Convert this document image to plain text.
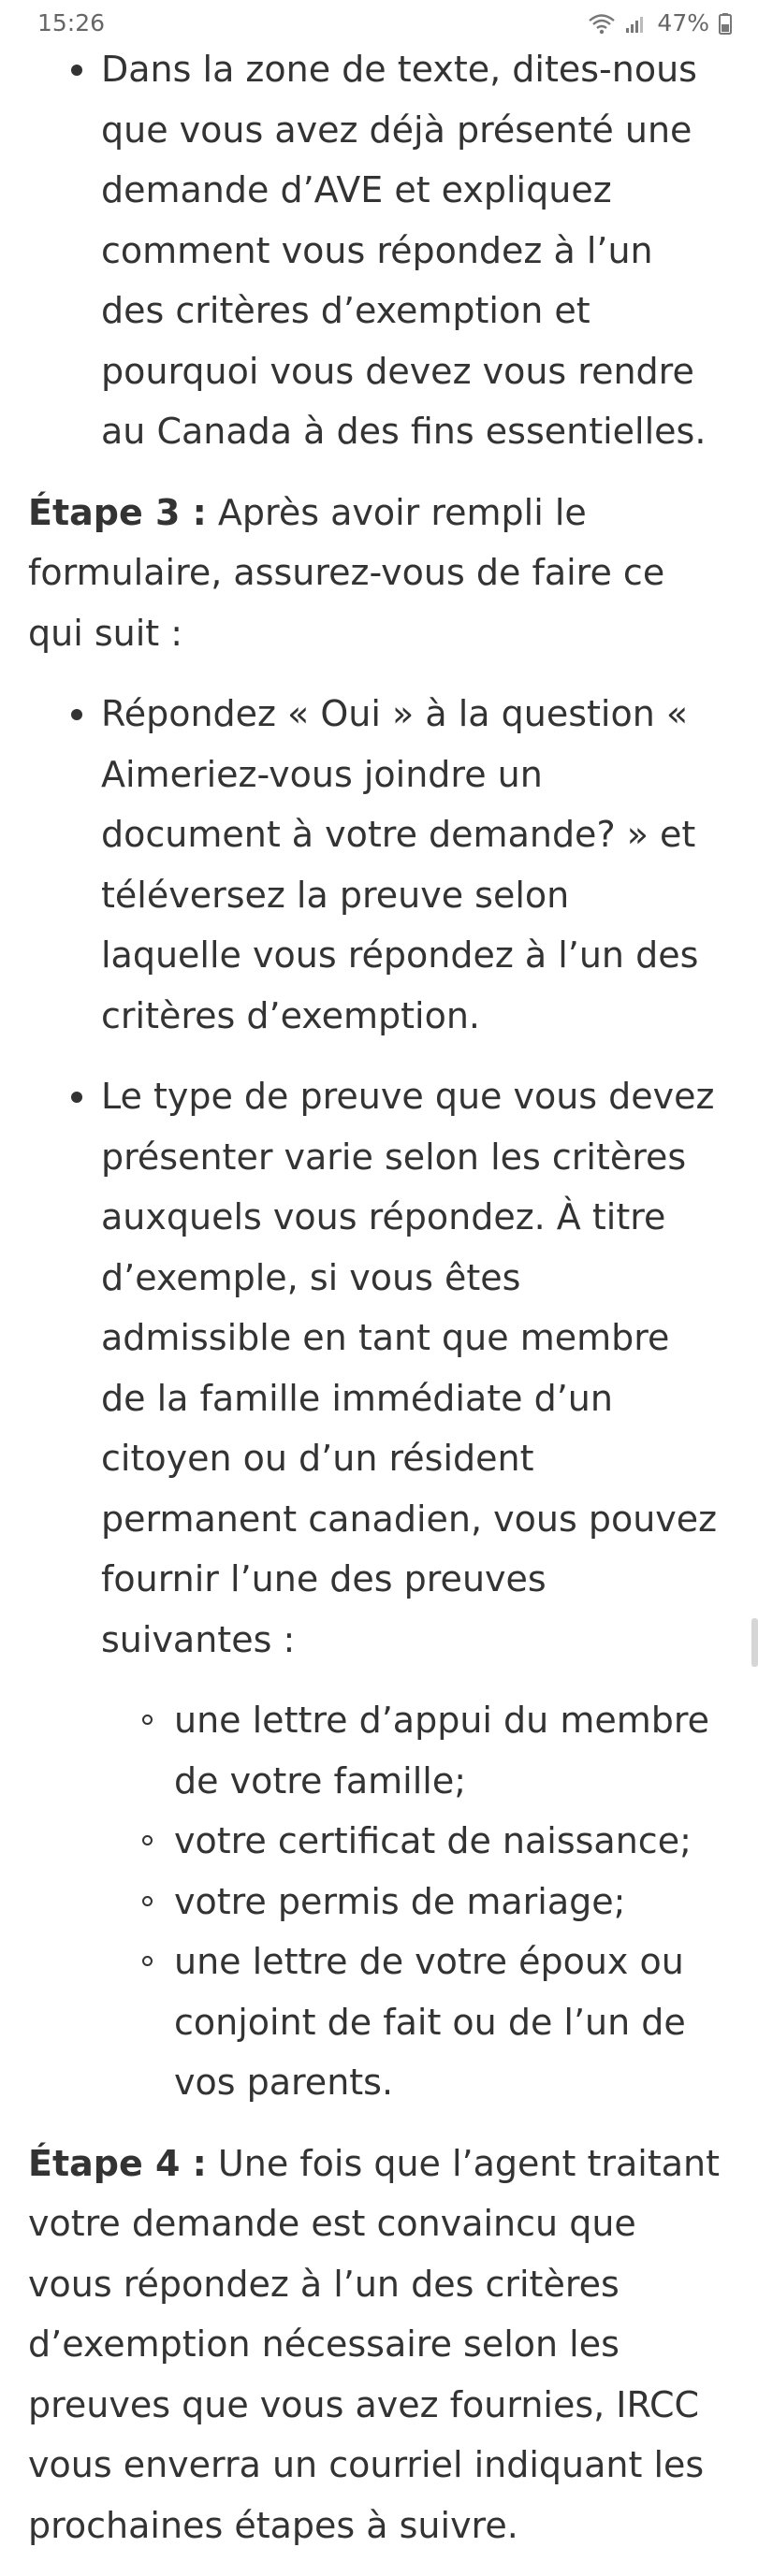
15:26	47%
Dans la zone de texte, dites-nous que vous avez déjà présenté une demande d’AVE et expliquez comment vous répondez à l’un des critères d’exemption et pourquoi vous devez vous rendre au Canada à des fins essentielles.

Étape 3 : Après avoir rempli le formulaire, assurez-vous de faire ce qui suit :

Répondez « Oui » à la question « Aimeriez-vous joindre un document à votre demande? » et téléversez la preuve selon laquelle vous répondez à l’un des critères d’exemption.
Le type de preuve que vous devez présenter varie selon les critères auxquels vous répondez. À titre d’exemple, si vous êtes admissible en tant que membre de la famille immédiate d’un citoyen ou d’un résident permanent canadien, vous pouvez fournir l’une des preuves suivantes :
une lettre d’appui du membre de votre famille;
votre certificat de naissance;
votre permis de mariage;
une lettre de votre époux ou conjoint de fait ou de l’un de vos parents.

Étape 4 : Une fois que l’agent traitant votre demande est convaincu que vous répondez à l’un des critères d’exemption nécessaire selon les preuves que vous avez fournies, IRCC vous enverra un courriel indiquant les prochaines étapes à suivre.
